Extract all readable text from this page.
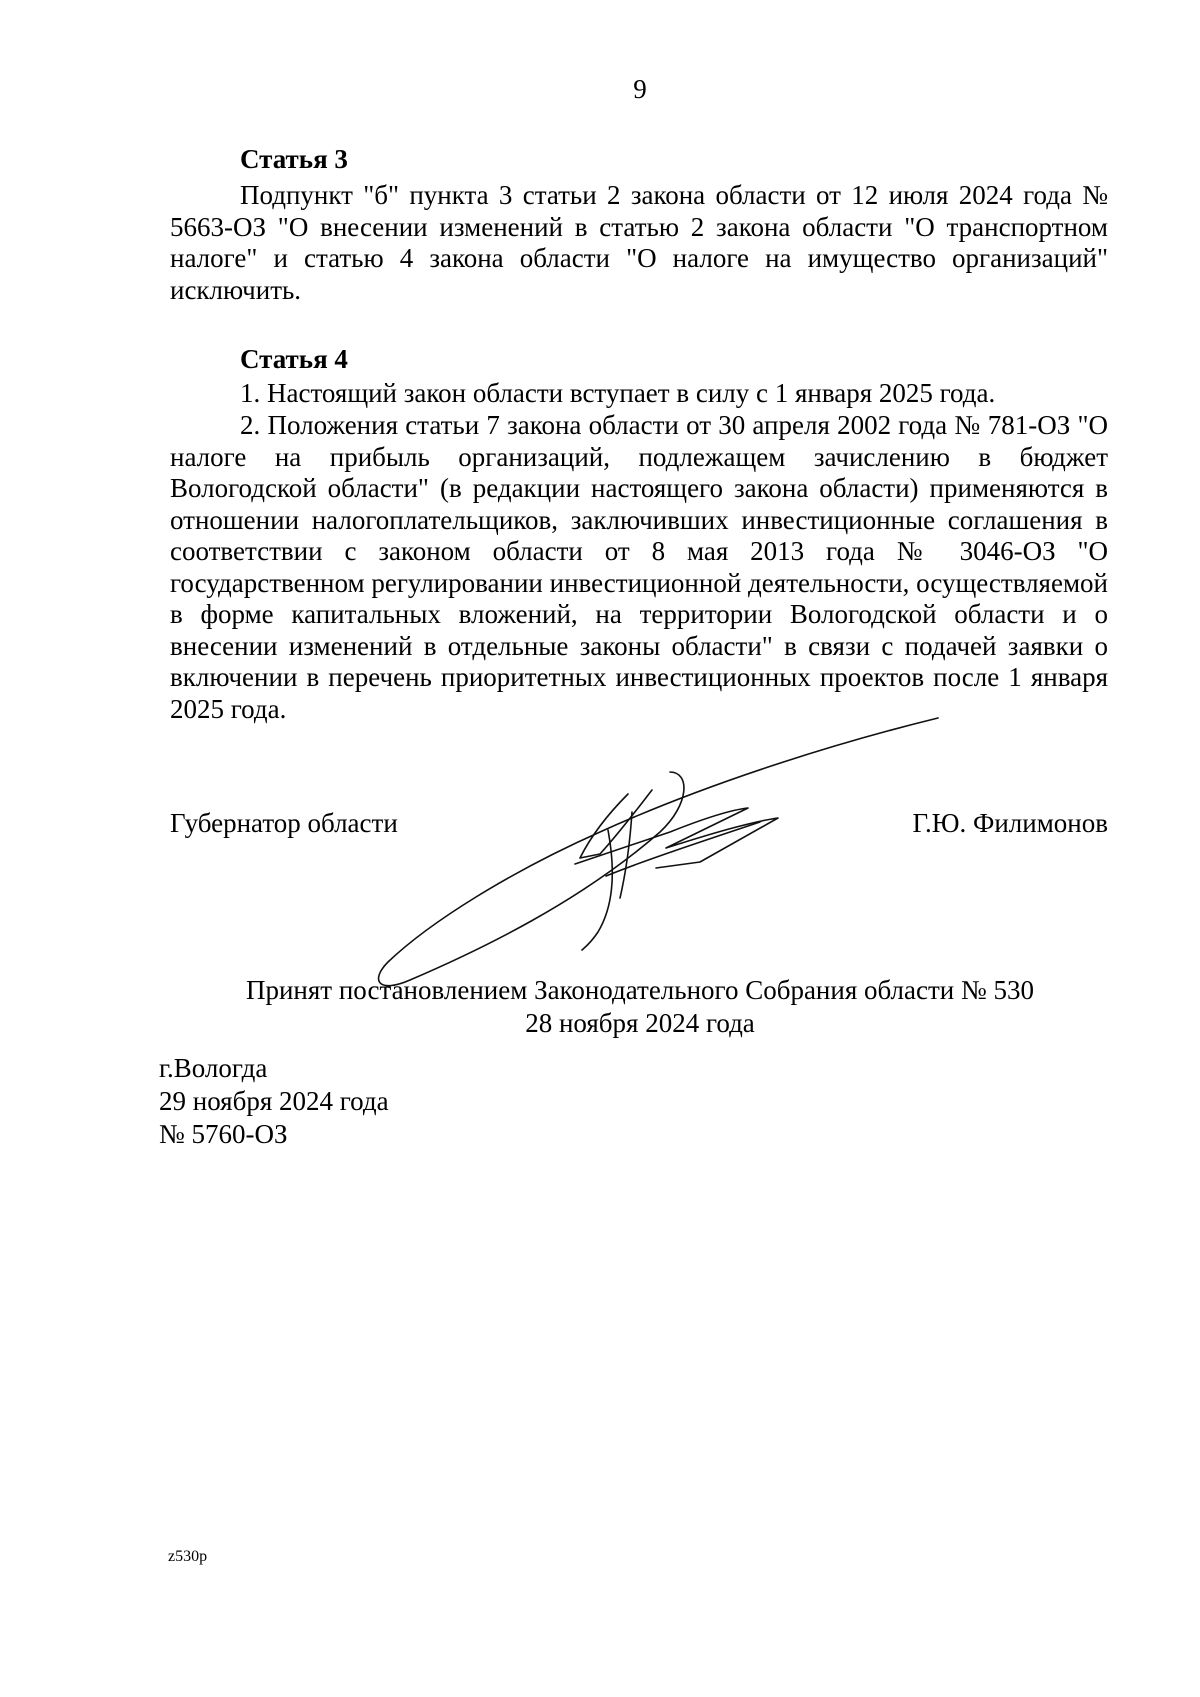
9
Статья 3
Подпункт "б" пункта 3 статьи 2 закона области от 12 июля 2024 года № 5663-ОЗ "О внесении изменений в статью 2 закона области "О транспортном налоге" и статью 4 закона области "О налоге на имущество организаций" исключить.
Статья 4
1. Настоящий закон области вступает в силу с 1 января 2025 года.
2. Положения статьи 7 закона области от 30 апреля 2002 года № 781-ОЗ "О налоге на прибыль организаций, подлежащем зачислению в бюджет Вологодской области" (в редакции настоящего закона области) применяются в отношении налогоплательщиков, заключивших инвестиционные соглашения в соответствии с законом области от 8 мая 2013 года № 3046-ОЗ "О государственном регулировании инвестиционной деятельности, осуществляемой в форме капитальных вложений, на территории Вологодской области и о внесении изменений в отдельные законы области" в связи с подачей заявки о включении в перечень приоритетных инвестиционных проектов после 1 января 2025 года.
Губернатор области	Г.Ю. Филимонов
Принят постановлением Законодательного Собрания области № 530
28 ноября 2024 года
г.Вологда
29 ноября 2024 года
№ 5760-ОЗ
z530p
